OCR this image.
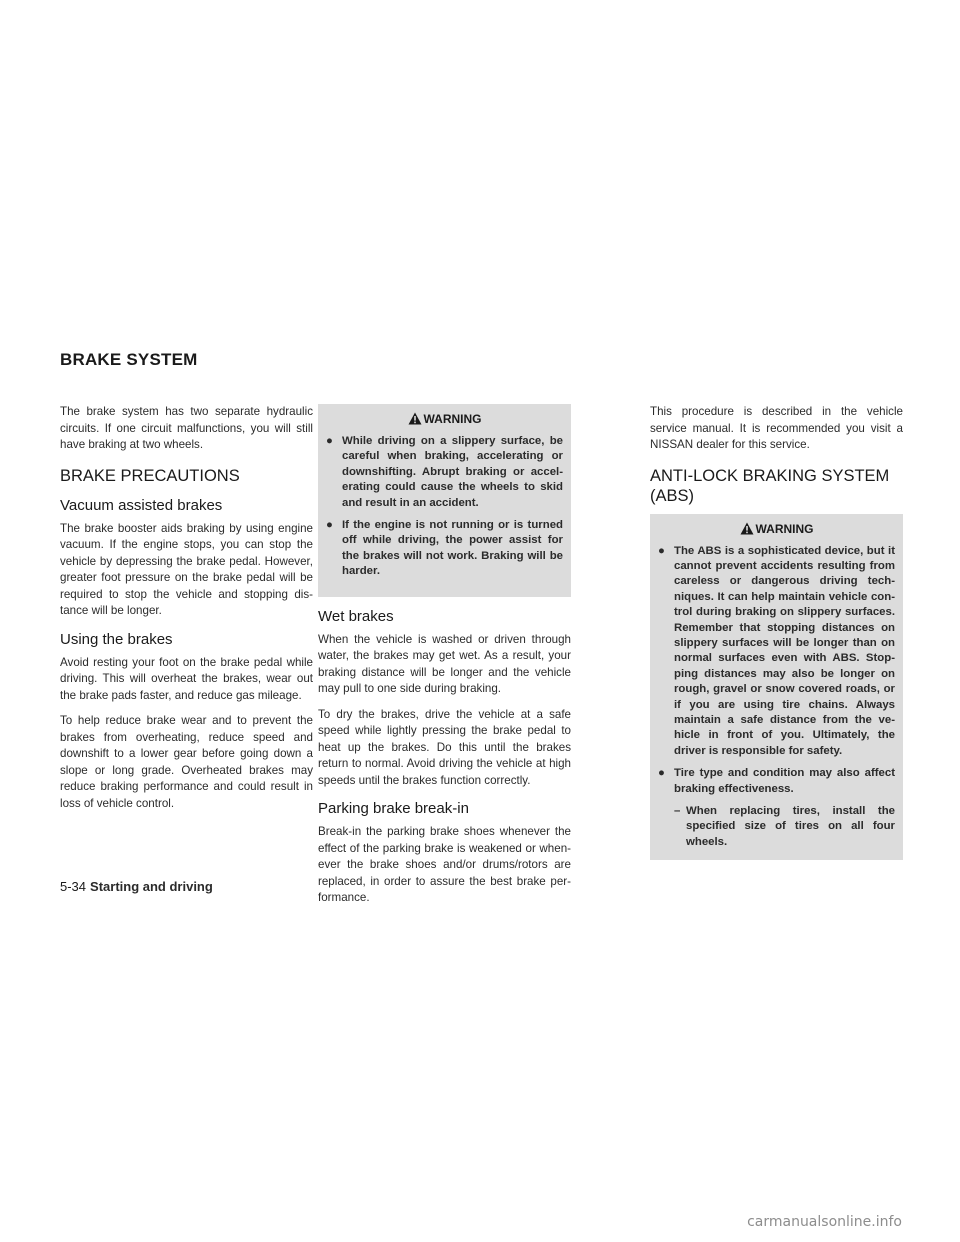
BRAKE SYSTEM

The brake system has two separate hydraulic circuits. If one circuit malfunctions, you will still have braking at two wheels.

BRAKE PRECAUTIONS
Vacuum assisted brakes

The brake booster aids braking by using engine vacuum. If the engine stops, you can stop the vehicle by depressing the brake pedal. However, greater foot pressure on the brake pedal will be required to stop the vehicle and stopping dis-tance will be longer.

Using the brakes

Avoid resting your foot on the brake pedal while driving. This will overheat the brakes, wear out the brake pads faster, and reduce gas mileage.

To help reduce brake wear and to prevent the brakes from overheating, reduce speed and downshift to a lower gear before going down a slope or long grade. Overheated brakes may reduce braking performance and could result in loss of vehicle control.

WARNING
● While driving on a slippery surface, be careful when braking, accelerating or downshifting. Abrupt braking or accel-erating could cause the wheels to skid and result in an accident.
● If the engine is not running or is turned off while driving, the power assist for the brakes will not work. Braking will be harder.
Wet brakes

When the vehicle is washed or driven through water, the brakes may get wet. As a result, your braking distance will be longer and the vehicle may pull to one side during braking.

To dry the brakes, drive the vehicle at a safe speed while lightly pressing the brake pedal to heat up the brakes. Do this until the brakes return to normal. Avoid driving the vehicle at high speeds until the brakes function correctly.

Parking brake break-in

Break-in the parking brake shoes whenever the effect of the parking brake is weakened or when-ever the brake shoes and/or drums/rotors are replaced, in order to assure the best brake per-formance.

This procedure is described in the vehicle service manual. It is recommended you visit a NISSAN dealer for this service.

ANTI-LOCK BRAKING SYSTEM (ABS)
WARNING
● The ABS is a sophisticated device, but it cannot prevent accidents resulting from careless or dangerous driving tech-niques. It can help maintain vehicle con-trol during braking on slippery surfaces. Remember that stopping distances on slippery surfaces will be longer than on normal surfaces even with ABS. Stop-ping distances may also be longer on rough, gravel or snow covered roads, or if you are using tire chains. Always maintain a safe distance from the ve-hicle in front of you. Ultimately, the driver is responsible for safety.
● Tire type and condition may also affect braking effectiveness.
– When replacing tires, install the specified size of tires on all four wheels.
5-34 Starting and driving
carmanualsonline.info
